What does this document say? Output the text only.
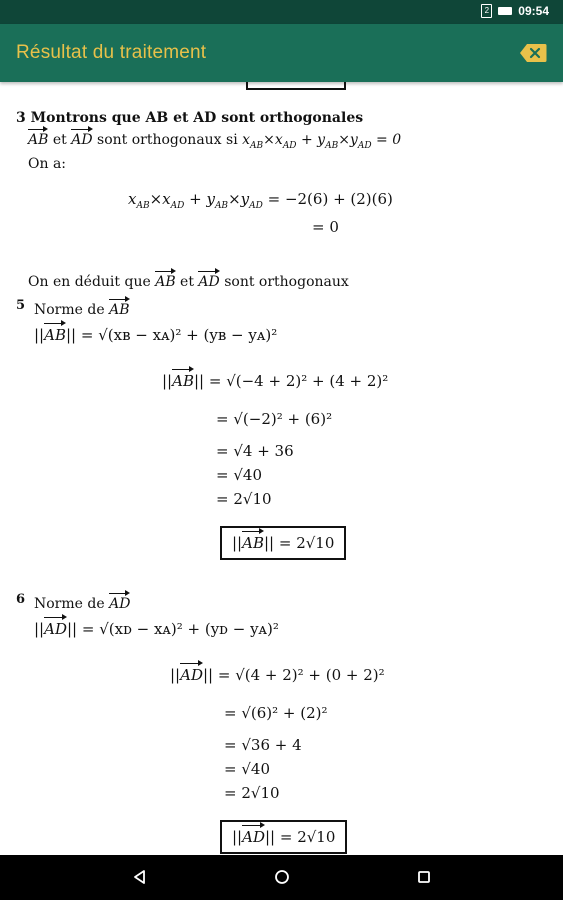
2 09:54
Résultat du traitement
3 Montrons que AB et AD sont orthogonales
AB et AD sont orthogonaux si $x_{AB}\times x_{AD} + y_{AB}\times y_{AD} = 0$
On a:
$x_{AB}\times x_{AD} + y_{AB}\times y_{AD} = -2(6) + (2)(6)$
= 0
On en déduit que AB et AD sont orthogonaux
5 Norme de AB
||AB|| = √(xʙ − xᴀ)² + (yʙ − yᴀ)²
||AB|| = √(−4 + 2)² + (4 + 2)²
= √(−2)² + (6)²
= √4 + 36
= √40
= 2√10
||AB|| = 2√10
6 Norme de AD
||AD|| = √(xᴅ − xᴀ)² + (yᴅ − yᴀ)²
||AD|| = √(4 + 2)² + (0 + 2)²
= √(6)² + (2)²
= √36 + 4
= √40
= 2√10
||AD|| = 2√10
